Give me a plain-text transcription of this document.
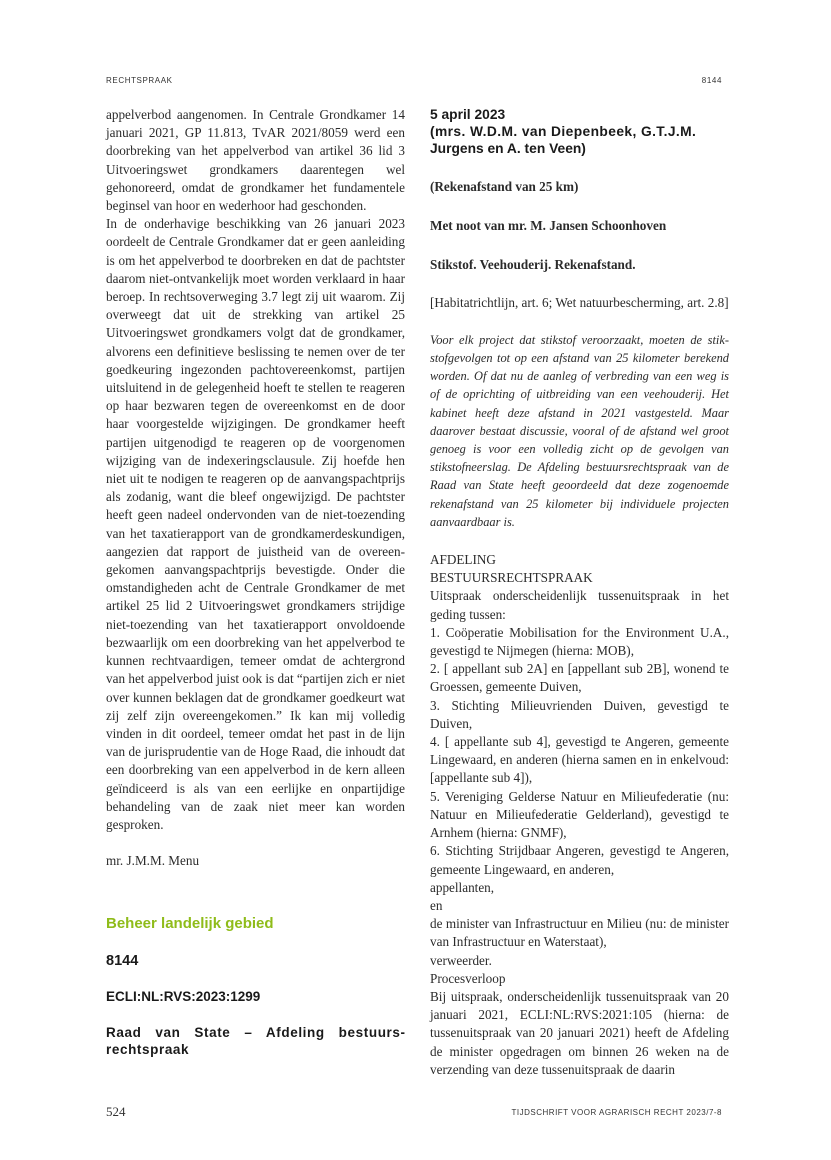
RECHTSPRAAK	8144

appelverbod aangenomen. In Centrale Grondkamer 14 januari 2021, GP 11.813, TvAR 2021/8059 werd een doorbreking van het appelverbod van artikel 36 lid 3 Uitvoeringswet grondkamers daarentegen wel gehonoreerd, omdat de grondkamer het fundamentele beginsel van hoor en wederhoor had geschonden.

In de onderhavige beschikking van 26 januari 2023 oordeelt de Centrale Grondkamer dat er geen aanleiding is om het appelverbod te doorbreken en dat de pachtster daarom niet-ontvankelijk moet worden verklaard in haar beroep. In rechtsoverweging 3.7 legt zij uit waarom. Zij overweegt dat uit de strekking van artikel 25 Uitvoeringswet grondkamers volgt dat de grondkamer, alvorens een definitieve beslissing te nemen over de ter goedkeuring ingezonden pachtovereenkomst, partijen uitsluitend in de gelegenheid hoeft te stellen te reageren op haar bezwaren tegen de overeenkomst en de door haar voorgestelde wijzigingen. De grondkamer heeft partijen uitgenodigd te reageren op de voorgenomen wijziging van de indexeringsclausule. Zij hoefde hen niet uit te nodigen te reageren op de aanvangspachtprijs als zodanig, want die bleef ongewijzigd. De pachtster heeft geen nadeel ondervonden van de niet-toezending van het taxatierapport van de grondkamerdeskundigen, aangezien dat rapport de juistheid van de overeengekomen aanvangspachtprijs bevestigde. Onder die omstandigheden acht de Centrale Grondkamer de met artikel 25 lid 2 Uitvoeringswet grondkamers strijdige niet-toezending van het taxatierapport onvoldoende bezwaarlijk om een doorbreking van het appelverbod te kunnen rechtvaardigen, temeer omdat de achtergrond van het appelverbod juist ook is dat “partijen zich er niet over kunnen beklagen dat de grondkamer goedkeurt wat zij zelf zijn overeengekomen.” Ik kan mij volledig vinden in dit oordeel, temeer omdat het past in de lijn van de jurisprudentie van de Hoge Raad, die inhoudt dat een doorbreking van een appelverbod in de kern alleen geïndiceerd is als van een eerlijke en onpartijdige behandeling van de zaak niet meer kan worden gesproken.

mr. J.M.M. Menu

Beheer landelijk gebied
8144
ECLI:NL:RVS:2023:1299
Raad van State – Afdeling bestuursrechtspraak
5 april 2023
(mrs. W.D.M. van Diepenbeek, G.T.J.M.
Jurgens en A. ten Veen)

(Rekenafstand van 25 km)

Met noot van mr. M. Jansen Schoonhoven

Stikstof. Veehouderij. Rekenafstand.

[Habitatrichtlijn, art. 6; Wet natuurbescherming, art. 2.8]

Voor elk project dat stikstof veroorzaakt, moeten de stikstofgevolgen tot op een afstand van 25 kilometer berekend worden. Of dat nu de aanleg of verbreding van een weg is of de oprichting of uitbreiding van een veehouderij. Het kabinet heeft deze afstand in 2021 vastgesteld. Maar daarover bestaat discussie, vooral of de afstand wel groot genoeg is voor een volledig zicht op de gevolgen van stikstofneerslag. De Afdeling bestuursrechtspraak van de Raad van State heeft geoordeeld dat deze zogenoemde rekenafstand van 25 kilometer bij individuele projecten aanvaardbaar is.

AFDELING

BESTUURSRECHTSPRAAK

Uitspraak onderscheidenlijk tussenuitspraak in het geding tussen:

1. Coöperatie Mobilisation for the Environment U.A., gevestigd te Nijmegen (hierna: MOB),

2. [ appellant sub 2A] en [appellant sub 2B], wonend te Groessen, gemeente Duiven,

3. Stichting Milieuvrienden Duiven, gevestigd te Duiven,

4. [ appellante sub 4], gevestigd te Angeren, gemeente Lingewaard, en anderen (hierna samen en in enkelvoud: [appellante sub 4]),

5. Vereniging Gelderse Natuur en Milieufederatie (nu: Natuur en Milieufederatie Gelderland), gevestigd te Arnhem (hierna: GNMF),

6. Stichting Strijdbaar Angeren, gevestigd te Angeren, gemeente Lingewaard, en anderen,

appellanten,

en

de minister van Infrastructuur en Milieu (nu: de minister van Infrastructuur en Waterstaat),

verweerder.

Procesverloop

Bij uitspraak, onderscheidenlijk tussenuitspraak van 20 januari 2021, ECLI:NL:RVS:2021:105 (hierna: de tussenuitspraak van 20 januari 2021) heeft de Afdeling de minister opgedragen om binnen 26 weken na de verzending van deze tussenuitspraak de daarin

524	TIJDSCHRIFT VOOR AGRARISCH RECHT 2023/7-8
